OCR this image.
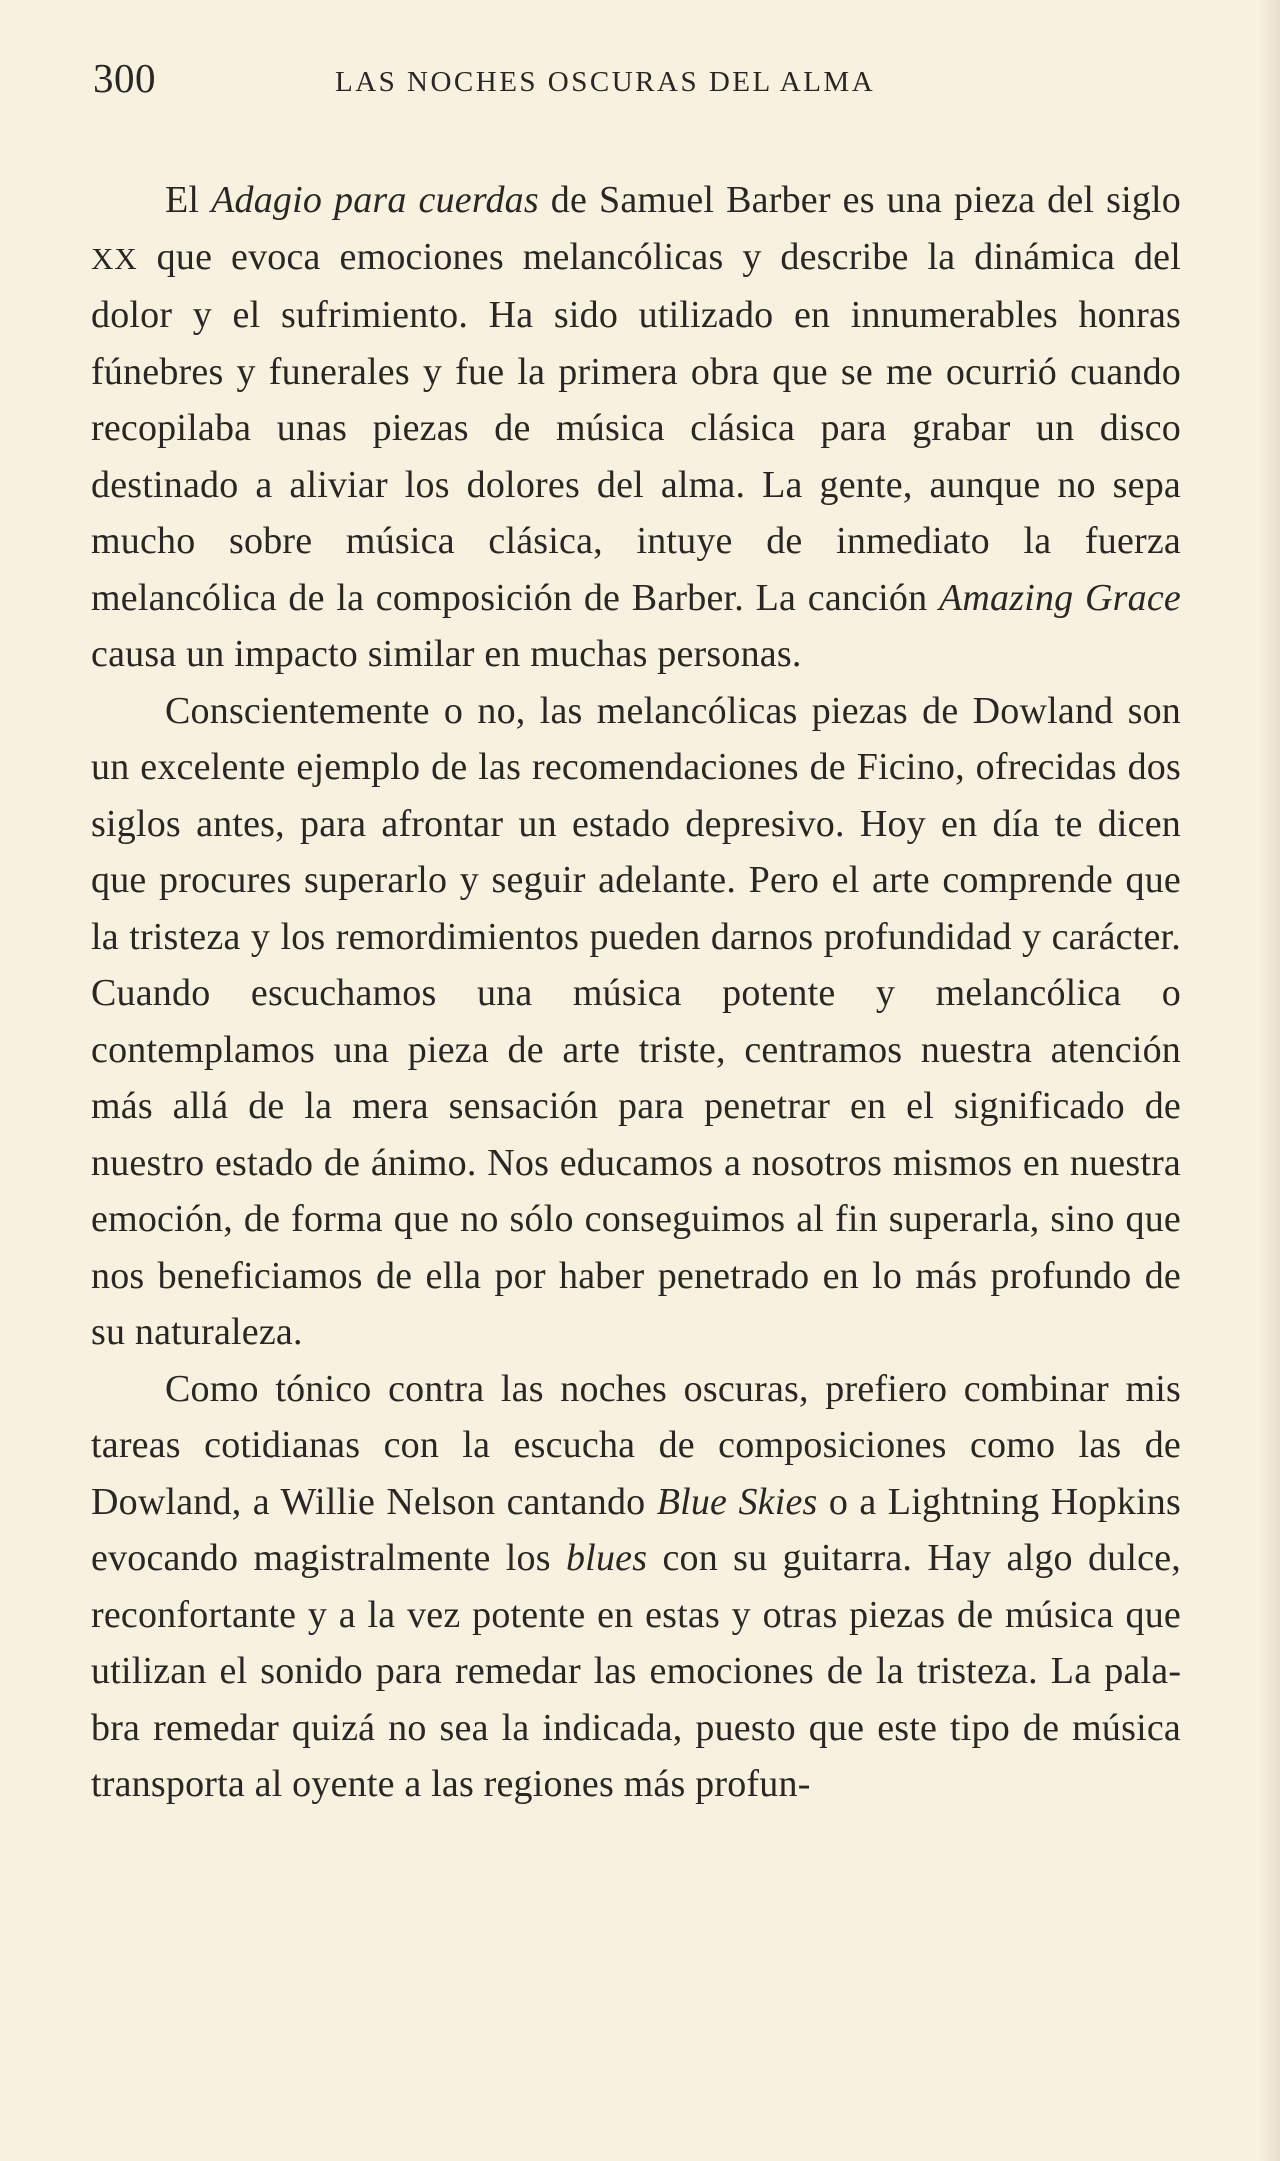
300	LAS NOCHES OSCURAS DEL ALMA

El Adagio para cuerdas de Samuel Barber es una pieza del siglo XX que evoca emociones melancólicas y describe la dinámica del dolor y el sufrimiento. Ha sido utilizado en innumerables honras fúnebres y funerales y fue la primera obra que se me ocurrió cuando recopilaba unas piezas de música clásica para grabar un disco destinado a aliviar los dolores del alma. La gente, aunque no sepa mucho sobre música clásica, intuye de inmediato la fuerza melancólica de la composición de Barber. La canción Amazing Grace causa un impacto similar en muchas personas.

Conscientemente o no, las melancólicas piezas de Dowland son un excelente ejemplo de las recomendaciones de Ficino, ofrecidas dos siglos antes, para afrontar un estado depresivo. Hoy en día te dicen que procures superarlo y seguir adelante. Pero el arte comprende que la tristeza y los remordimientos pueden darnos profundidad y carácter. Cuando escuchamos una música potente y melancólica o contemplamos una pieza de arte triste, centramos nuestra atención más allá de la mera sensación para penetrar en el significado de nuestro estado de ánimo. Nos educamos a nosotros mismos en nuestra emoción, de forma que no sólo conseguimos al fin superarla, sino que nos beneficiamos de ella por haber penetrado en lo más profundo de su naturaleza.

Como tónico contra las noches oscuras, prefiero combinar mis tareas cotidianas con la escucha de composiciones como las de Dowland, a Willie Nelson cantando Blue Skies o a Lightning Hopkins evocando magistralmente los blues con su guitarra. Hay algo dulce, reconfortante y a la vez potente en estas y otras piezas de música que utilizan el sonido para remedar las emociones de la tristeza. La palabra remedar quizá no sea la indicada, puesto que este tipo de música transporta al oyente a las regiones más profun-
